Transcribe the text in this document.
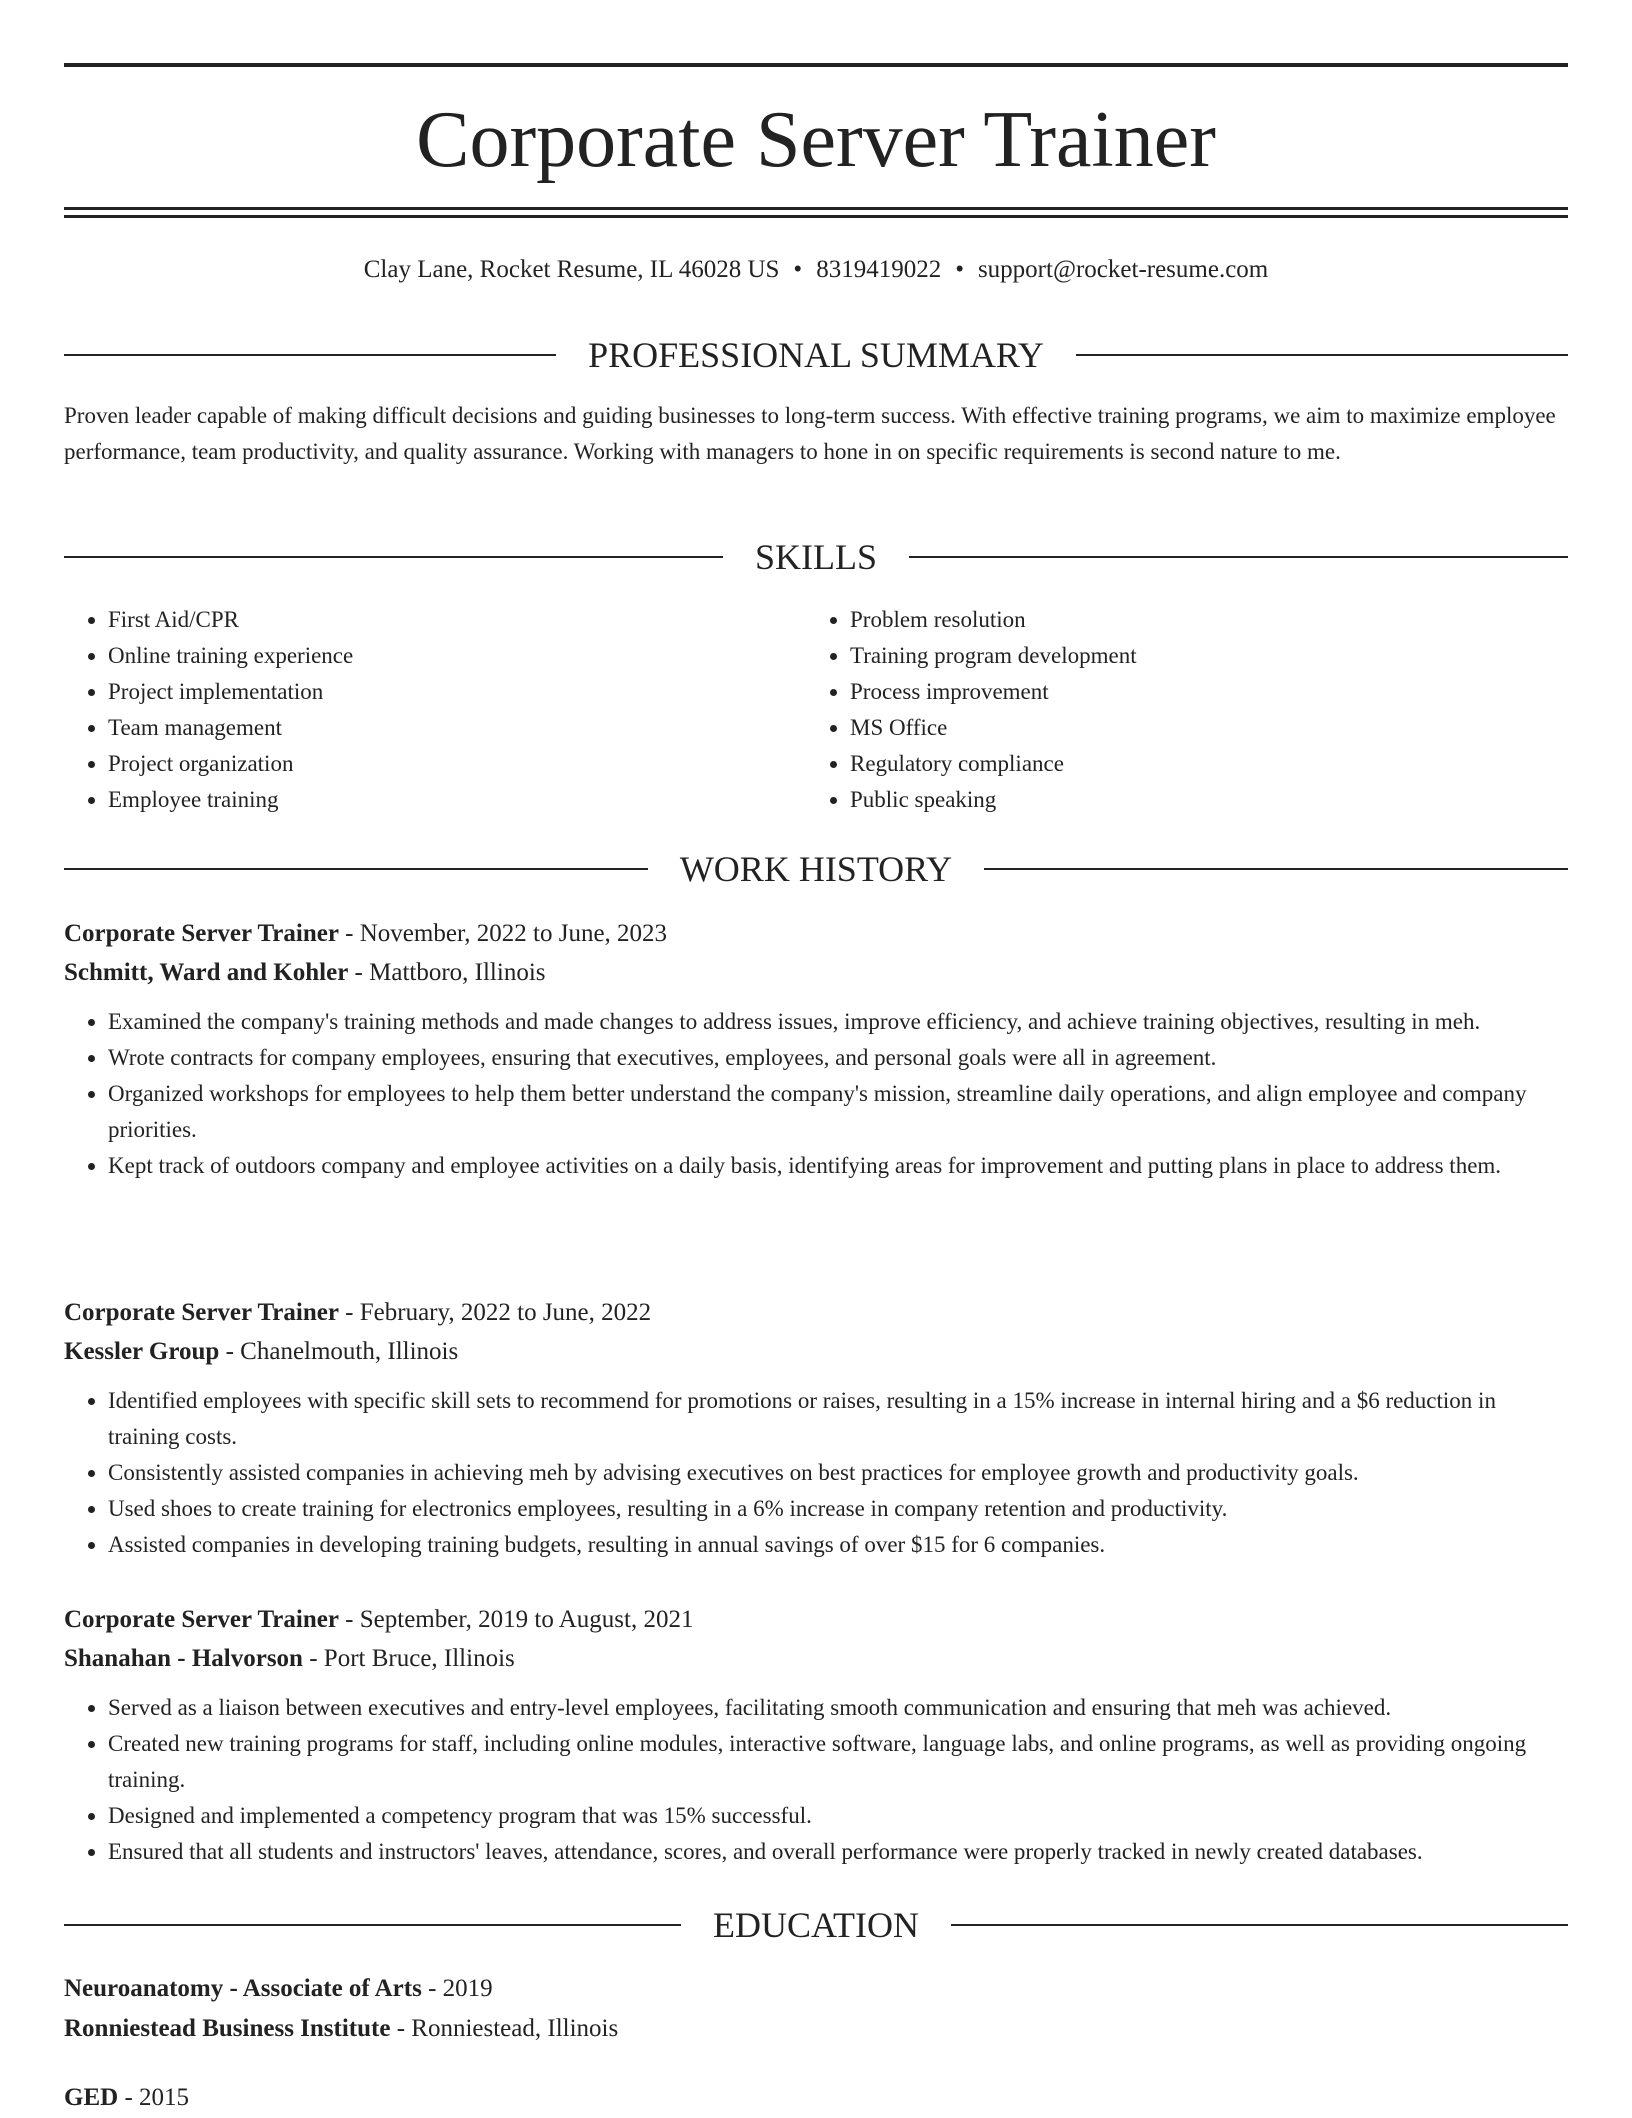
Corporate Server Trainer
Clay Lane, Rocket Resume, IL 46028 US • 8319419022 • support@rocket-resume.com
PROFESSIONAL SUMMARY

Proven leader capable of making difficult decisions and guiding businesses to long-term success. With effective training programs, we aim to maximize employee performance, team productivity, and quality assurance. Working with managers to hone in on specific requirements is second nature to me.

SKILLS
• First Aid/CPR
• Online training experience
• Project implementation
• Team management
• Project organization
• Employee training
• Problem resolution
• Training program development
• Process improvement
• MS Office
• Regulatory compliance
• Public speaking
WORK HISTORY
Corporate Server Trainer - November, 2022 to June, 2023
Schmitt, Ward and Kohler - Mattboro, Illinois
• Examined the company's training methods and made changes to address issues, improve efficiency, and achieve training objectives, resulting in meh.
• Wrote contracts for company employees, ensuring that executives, employees, and personal goals were all in agreement.
• Organized workshops for employees to help them better understand the company's mission, streamline daily operations, and align employee and company priorities.
• Kept track of outdoors company and employee activities on a daily basis, identifying areas for improvement and putting plans in place to address them.
Corporate Server Trainer - February, 2022 to June, 2022
Kessler Group - Chanelmouth, Illinois
• Identified employees with specific skill sets to recommend for promotions or raises, resulting in a 15% increase in internal hiring and a $6 reduction in training costs.
• Consistently assisted companies in achieving meh by advising executives on best practices for employee growth and productivity goals.
• Used shoes to create training for electronics employees, resulting in a 6% increase in company retention and productivity.
• Assisted companies in developing training budgets, resulting in annual savings of over $15 for 6 companies.
Corporate Server Trainer - September, 2019 to August, 2021
Shanahan - Halvorson - Port Bruce, Illinois
• Served as a liaison between executives and entry-level employees, facilitating smooth communication and ensuring that meh was achieved.
• Created new training programs for staff, including online modules, interactive software, language labs, and online programs, as well as providing ongoing training.
• Designed and implemented a competency program that was 15% successful.
• Ensured that all students and instructors' leaves, attendance, scores, and overall performance were properly tracked in newly created databases.
EDUCATION
Neuroanatomy - Associate of Arts - 2019
Ronniestead Business Institute - Ronniestead, Illinois
GED - 2015
